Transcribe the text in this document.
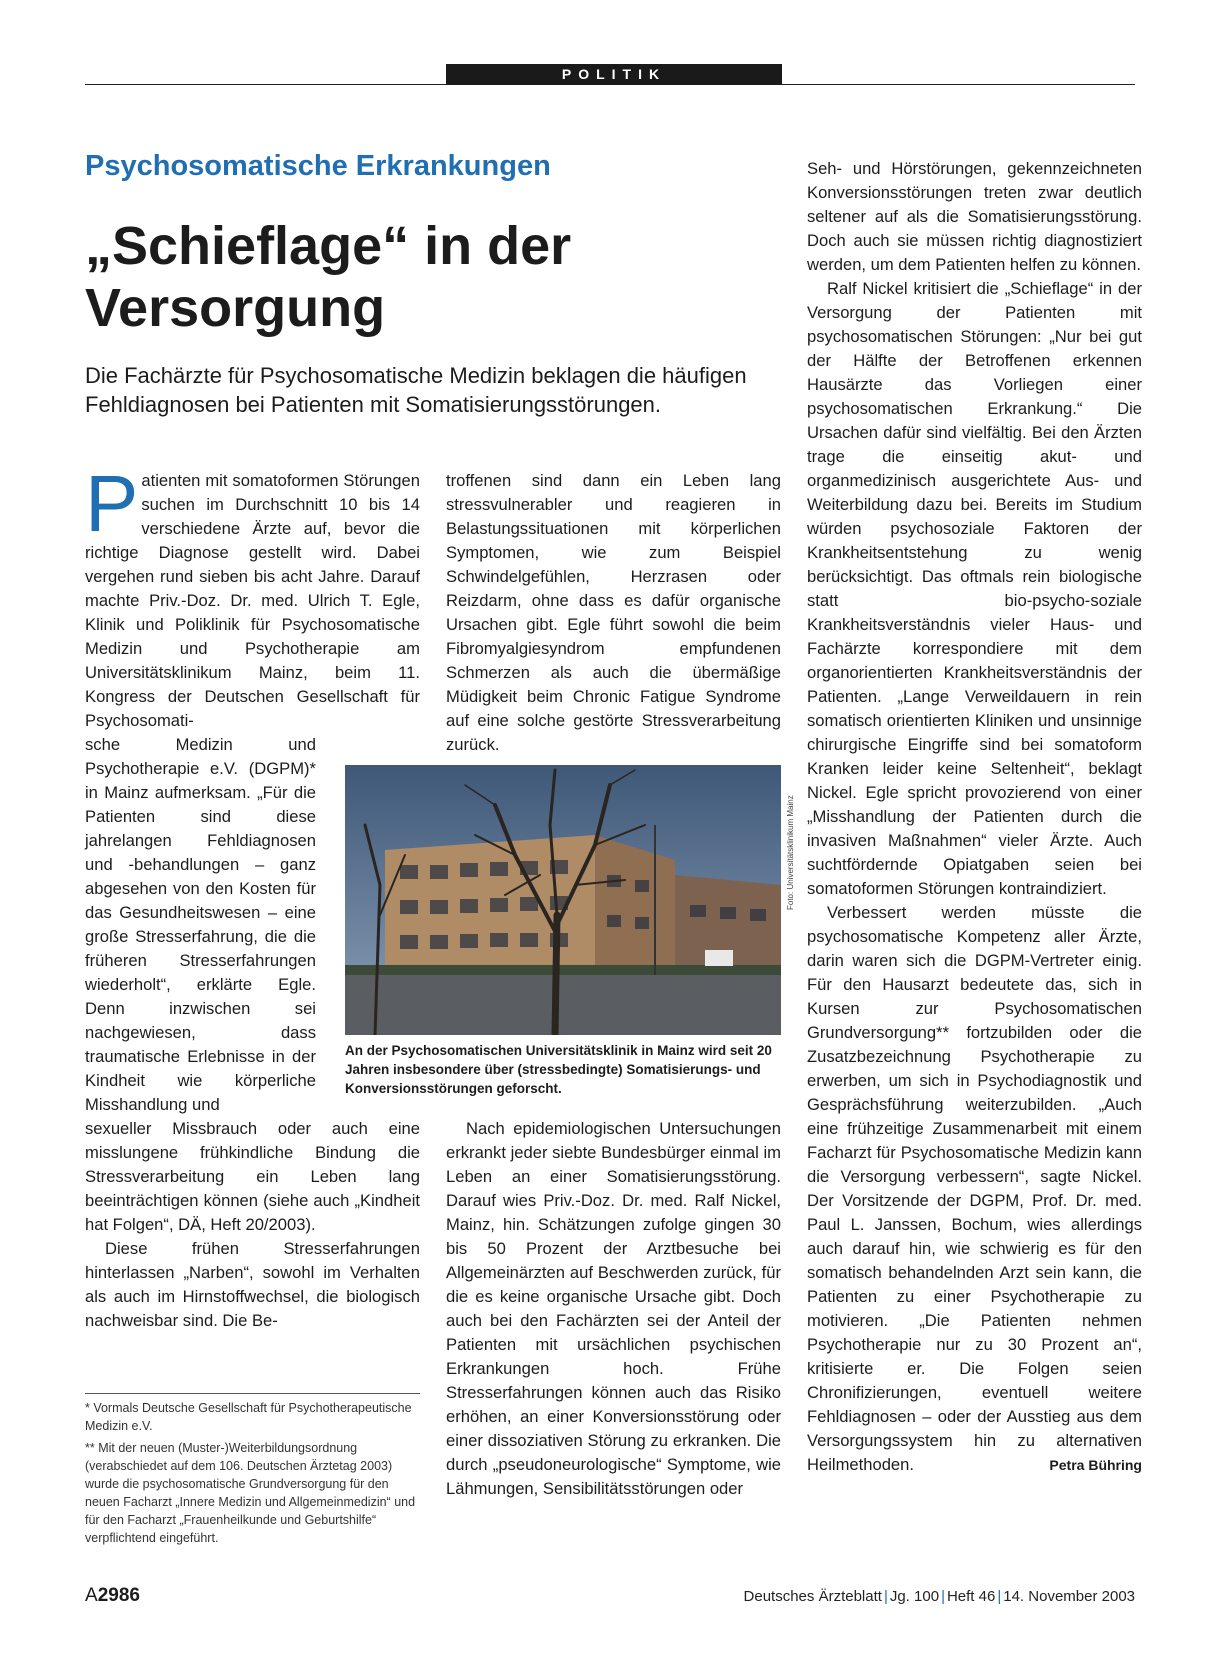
POLITIK
Psychosomatische Erkrankungen
„Schieflage“ in der Versorgung
Die Fachärzte für Psychosomatische Medizin beklagen die häufigen Fehldiagnosen bei Patienten mit Somatisierungsstörungen.

Patienten mit somatoformen Störungen suchen im Durchschnitt 10 bis 14 verschiedene Ärzte auf, bevor die richtige Diagnose gestellt wird. Dabei vergehen rund sieben bis acht Jahre. Darauf machte Priv.-Doz. Dr. med. Ulrich T. Egle, Klinik und Poliklinik für Psychosomatische Medizin und Psychotherapie am Universitätsklinikum Mainz, beim 11. Kongress der Deutschen Gesellschaft für Psychosomati-

sche Medizin und Psychotherapie e.V. (DGPM)* in Mainz aufmerksam. „Für die Patienten sind diese jahrelangen Fehldiagnosen und -behandlungen – ganz abgesehen von den Kosten für das Gesundheitswesen – eine große Stresserfahrung, die die früheren Stresserfahrungen wiederholt“, erklärte Egle. Denn inzwischen sei nachgewiesen, dass traumatische Erlebnisse in der Kindheit wie körperliche Misshandlung und

sexueller Missbrauch oder auch eine misslungene frühkindliche Bindung die Stressverarbeitung ein Leben lang beeinträchtigen können (siehe auch „Kindheit hat Folgen“, DÄ, Heft 20/2003).

Diese frühen Stresserfahrungen hinterlassen „Narben“, sowohl im Verhalten als auch im Hirnstoffwechsel, die biologisch nachweisbar sind. Die Be-

troffenen sind dann ein Leben lang stressvulnerabler und reagieren in Belastungssituationen mit körperlichen Symptomen, wie zum Beispiel Schwindelgefühlen, Herzrasen oder Reizdarm, ohne dass es dafür organische Ursachen gibt. Egle führt sowohl die beim Fibromyalgiesyndrom empfundenen Schmerzen als auch die übermäßige Müdigkeit beim Chronic Fatigue Syndrome auf eine solche gestörte Stressverarbeitung zurück.

Nach epidemiologischen Untersuchungen erkrankt jeder siebte Bundesbürger einmal im Leben an einer Somatisierungsstörung. Darauf wies Priv.-Doz. Dr. med. Ralf Nickel, Mainz, hin. Schätzungen zufolge gingen 30 bis 50 Prozent der Arztbesuche bei Allgemeinärzten auf Beschwerden zurück, für die es keine organische Ursache gibt. Doch auch bei den Fachärzten sei der Anteil der Patienten mit ursächlichen psychischen Erkrankungen hoch. Frühe Stresserfahrungen können auch das Risiko erhöhen, an einer Konversionsstörung oder einer dissoziativen Störung zu erkranken. Die durch „pseudoneurologische“ Symptome, wie Lähmungen, Sensibilitätsstörungen oder

Foto: Universitätsklinikum Mainz
An der Psychosomatischen Universitätsklinik in Mainz wird seit 20 Jahren insbesondere über (stressbedingte) Somatisierungs- und Konversionsstörungen geforscht.

Seh- und Hörstörungen, gekennzeichneten Konversionsstörungen treten zwar deutlich seltener auf als die Somatisierungsstörung. Doch auch sie müssen richtig diagnostiziert werden, um dem Patienten helfen zu können.

Ralf Nickel kritisiert die „Schieflage“ in der Versorgung der Patienten mit psychosomatischen Störungen: „Nur bei gut der Hälfte der Betroffenen erkennen Hausärzte das Vorliegen einer psychosomatischen Erkrankung.“ Die Ursachen dafür sind vielfältig. Bei den Ärzten trage die einseitig akut- und organmedizinisch ausgerichtete Aus- und Weiterbildung dazu bei. Bereits im Studium würden psychosoziale Faktoren der Krankheitsentstehung zu wenig berücksichtigt. Das oftmals rein biologische statt bio-psycho-soziale Krankheitsverständnis vieler Haus- und Fachärzte korrespondiere mit dem organorientierten Krankheitsverständnis der Patienten. „Lange Verweildauern in rein somatisch orientierten Kliniken und unsinnige chirurgische Eingriffe sind bei somatoform Kranken leider keine Seltenheit“, beklagt Nickel. Egle spricht provozierend von einer „Misshandlung der Patienten durch die invasiven Maßnahmen“ vieler Ärzte. Auch suchtfördernde Opiatgaben seien bei somatoformen Störungen kontraindiziert.

Verbessert werden müsste die psychosomatische Kompetenz aller Ärzte, darin waren sich die DGPM-Vertreter einig. Für den Hausarzt bedeutete das, sich in Kursen zur Psychosomatischen Grundversorgung** fortzubilden oder die Zusatzbezeichnung Psychotherapie zu erwerben, um sich in Psychodiagnostik und Gesprächsführung weiterzubilden. „Auch eine frühzeitige Zusammenarbeit mit einem Facharzt für Psychosomatische Medizin kann die Versorgung verbessern“, sagte Nickel. Der Vorsitzende der DGPM, Prof. Dr. med. Paul L. Janssen, Bochum, wies allerdings auch darauf hin, wie schwierig es für den somatisch behandelnden Arzt sein kann, die Patienten zu einer Psychotherapie zu motivieren. „Die Patienten nehmen Psychotherapie nur zu 30 Prozent an“, kritisierte er. Die Folgen seien Chronifizierungen, eventuell weitere Fehldiagnosen – oder der Ausstieg aus dem Versorgungssystem hin zu alternativen Heilmethoden.	Petra Bühring

* Vormals Deutsche Gesellschaft für Psychotherapeutische Medizin e.V.

** Mit der neuen (Muster-)Weiterbildungsordnung (verabschiedet auf dem 106. Deutschen Ärztetag 2003) wurde die psychosomatische Grundversorgung für den neuen Facharzt „Innere Medizin und Allgemeinmedizin“ und für den Facharzt „Frauenheilkunde und Geburtshilfe“ verpflichtend eingeführt.

A2986	Deutsches Ärzteblatt | Jg. 100 | Heft 46 | 14. November 2003
